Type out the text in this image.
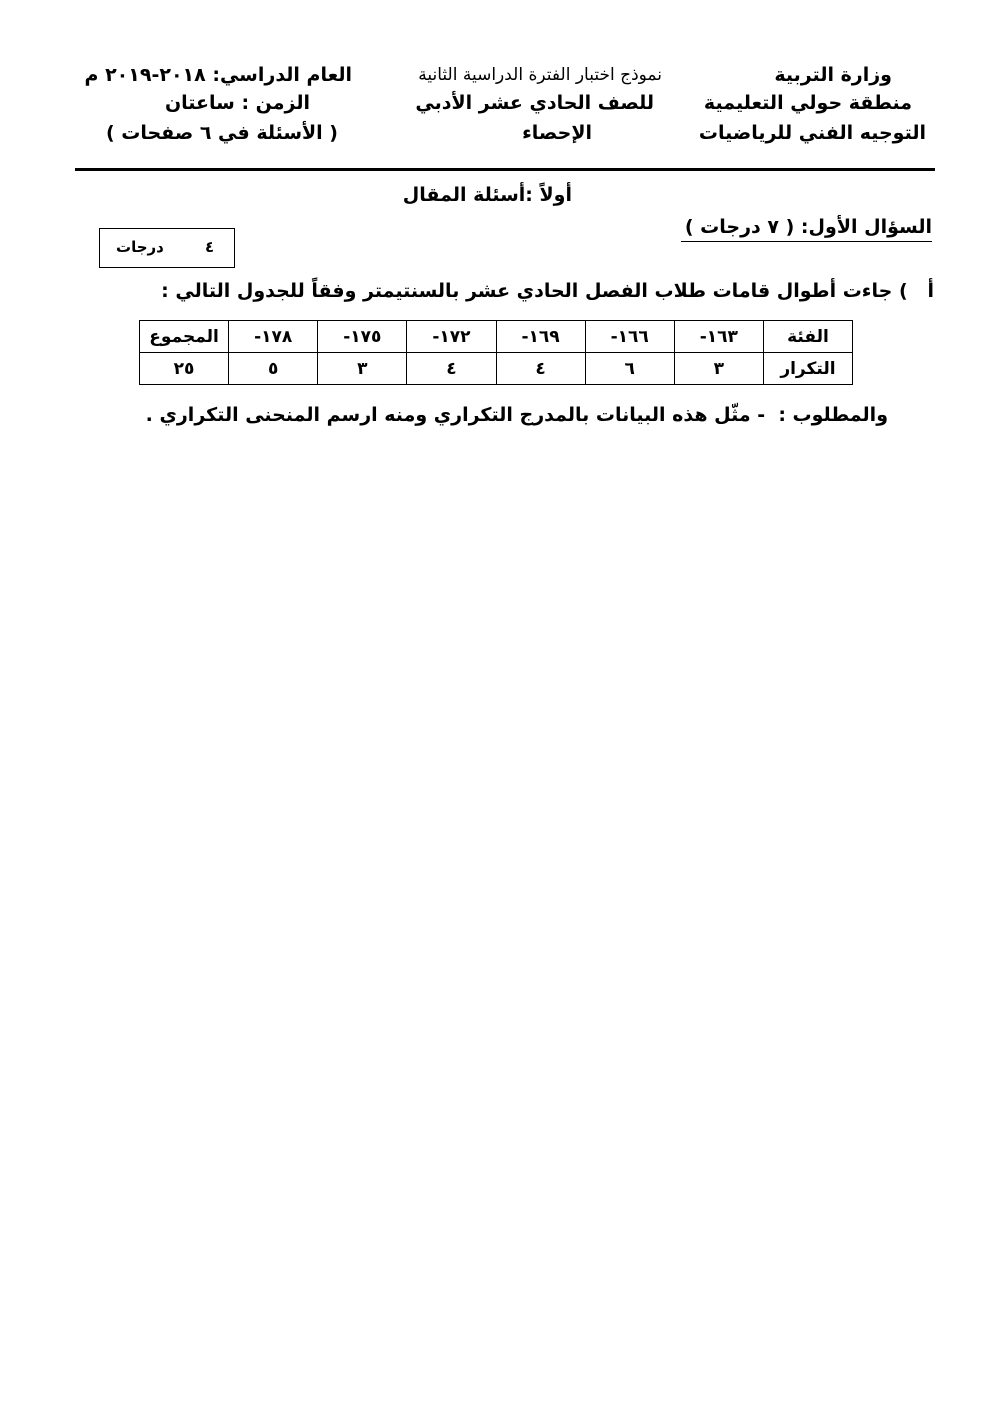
وزارة التربية
منطقة حولي التعليمية
التوجيه الفني للرياضيات
نموذج اختبار الفترة الدراسية الثانية
للصف الحادي عشر الأدبي
الإحصاء
العام الدراسي: ٢٠١٨-٢٠١٩ م
الزمن : ساعتان
( الأسئلة في ٦ صفحات )
أولاً :أسئلة المقال
السؤال الأول: ( ٧ درجات )
٤
درجات
أ   ) جاءت أطوال قامات طلاب الفصل الحادي عشر بالسنتيمتر وفقاً للجدول التالي :
الفئة	١٦٣-	١٦٦-	١٦٩-	١٧٢-	١٧٥-	١٧٨-	المجموع
التكرار	٣	٦	٤	٤	٣	٥	٢٥
والمطلوب :  - مثّل هذه البيانات بالمدرج التكراري ومنه ارسم المنحنى التكراري .
